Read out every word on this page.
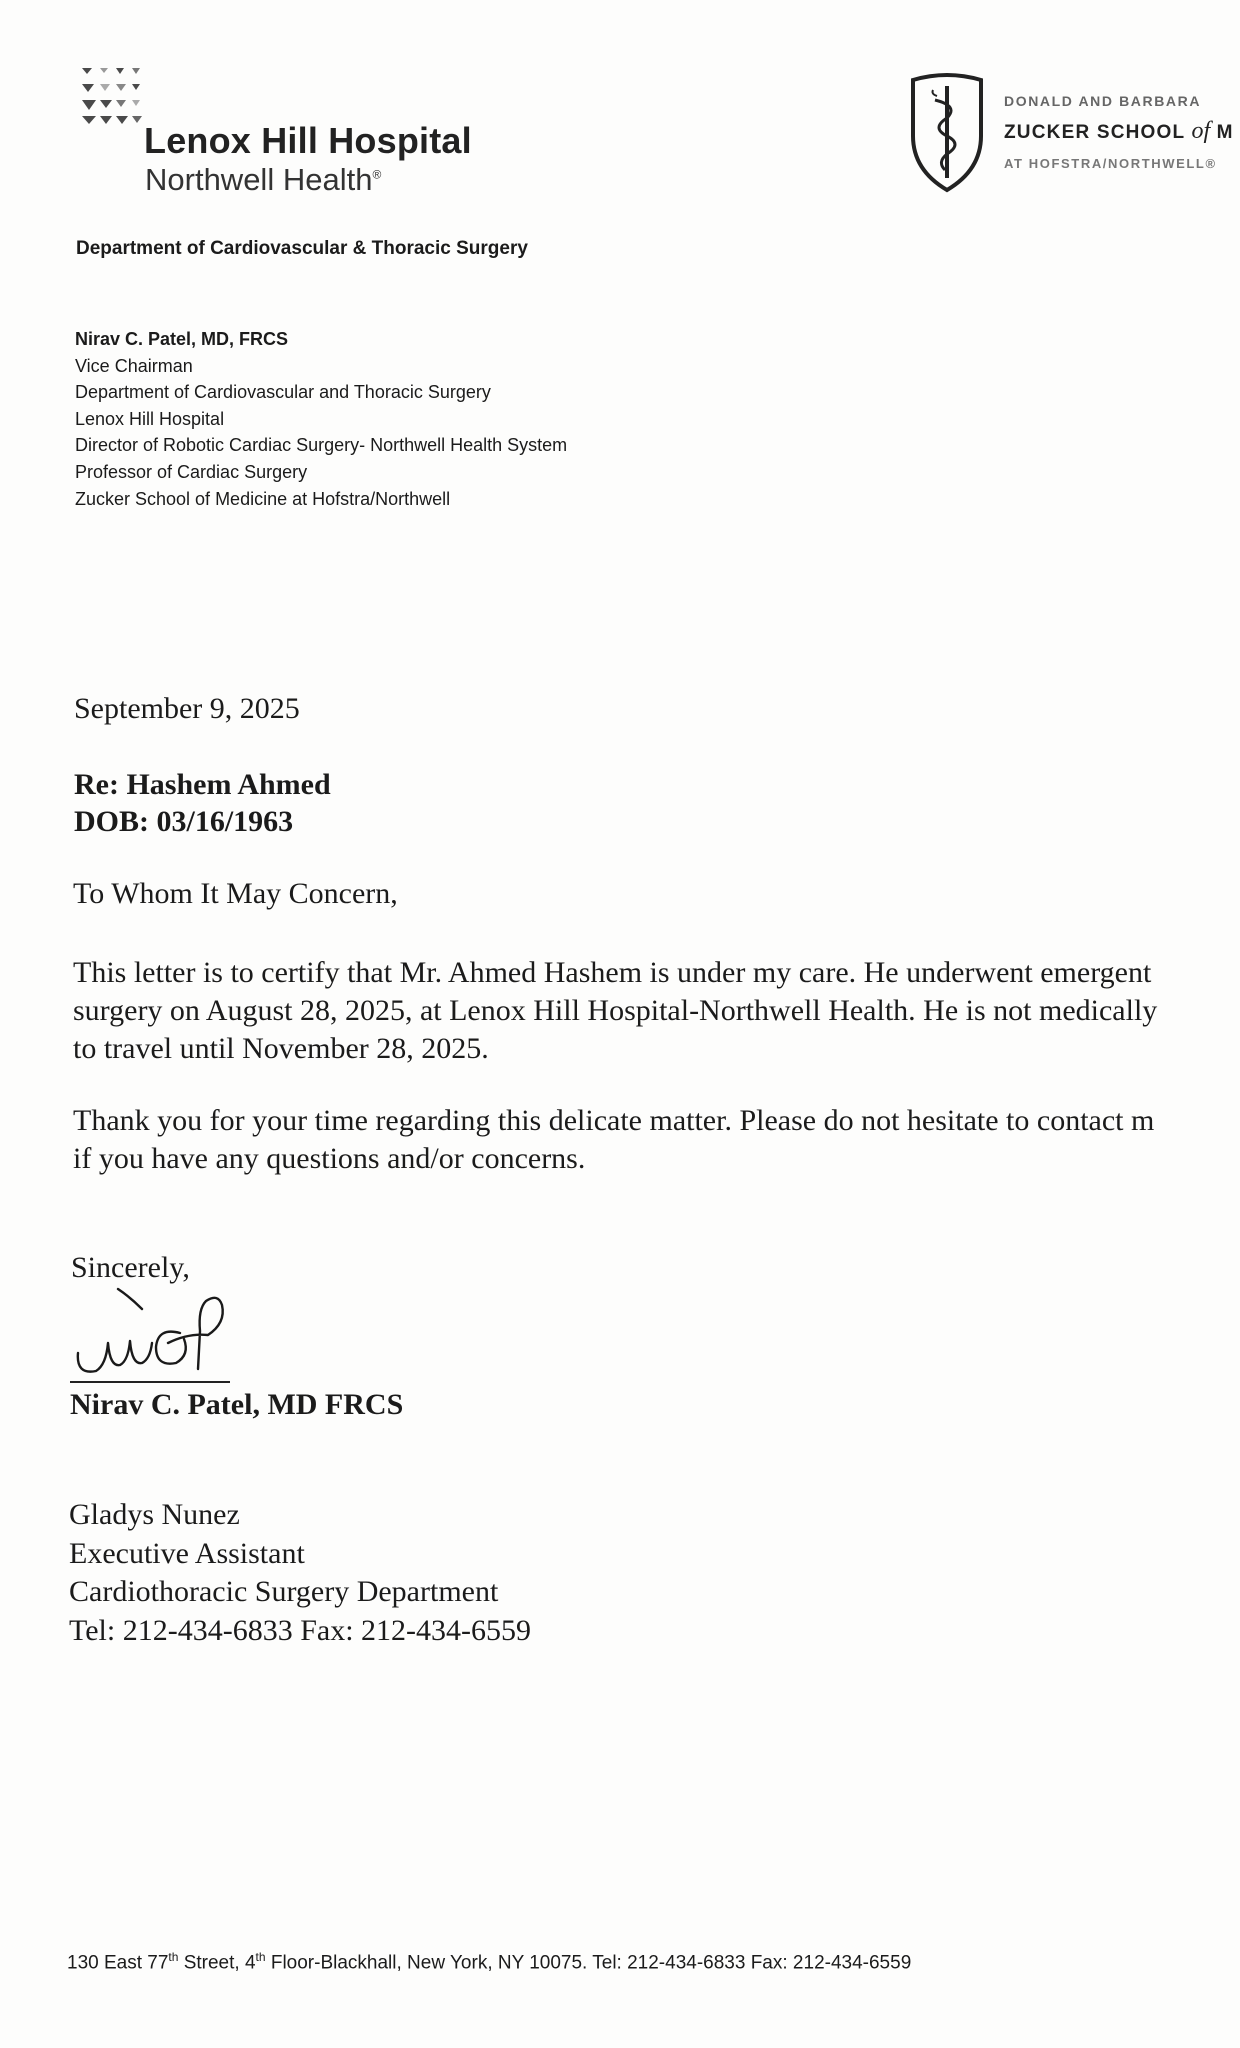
Lenox Hill Hospital
Northwell Health®
DONALD AND BARBARA
ZUCKER SCHOOL of M
AT HOFSTRA/NORTHWELL®
Department of Cardiovascular & Thoracic Surgery
Nirav C. Patel, MD, FRCS
Vice Chairman
Department of Cardiovascular and Thoracic Surgery
Lenox Hill Hospital
Director of Robotic Cardiac Surgery- Northwell Health System
Professor of Cardiac Surgery
Zucker School of Medicine at Hofstra/Northwell
September 9, 2025
Re: Hashem Ahmed
DOB: 03/16/1963
To Whom It May Concern,
This letter is to certify that Mr. Ahmed Hashem is under my care. He underwent emergent
surgery on August 28, 2025, at Lenox Hill Hospital-Northwell Health. He is not medically
to travel until November 28, 2025.
Thank you for your time regarding this delicate matter. Please do not hesitate to contact m
if you have any questions and/or concerns.
Sincerely,
Nirav C. Patel, MD FRCS
Gladys Nunez
Executive Assistant
Cardiothoracic Surgery Department
Tel: 212-434-6833 Fax: 212-434-6559
130 East 77th Street, 4th Floor-Blackhall, New York, NY 10075. Tel: 212-434-6833 Fax: 212-434-6559
